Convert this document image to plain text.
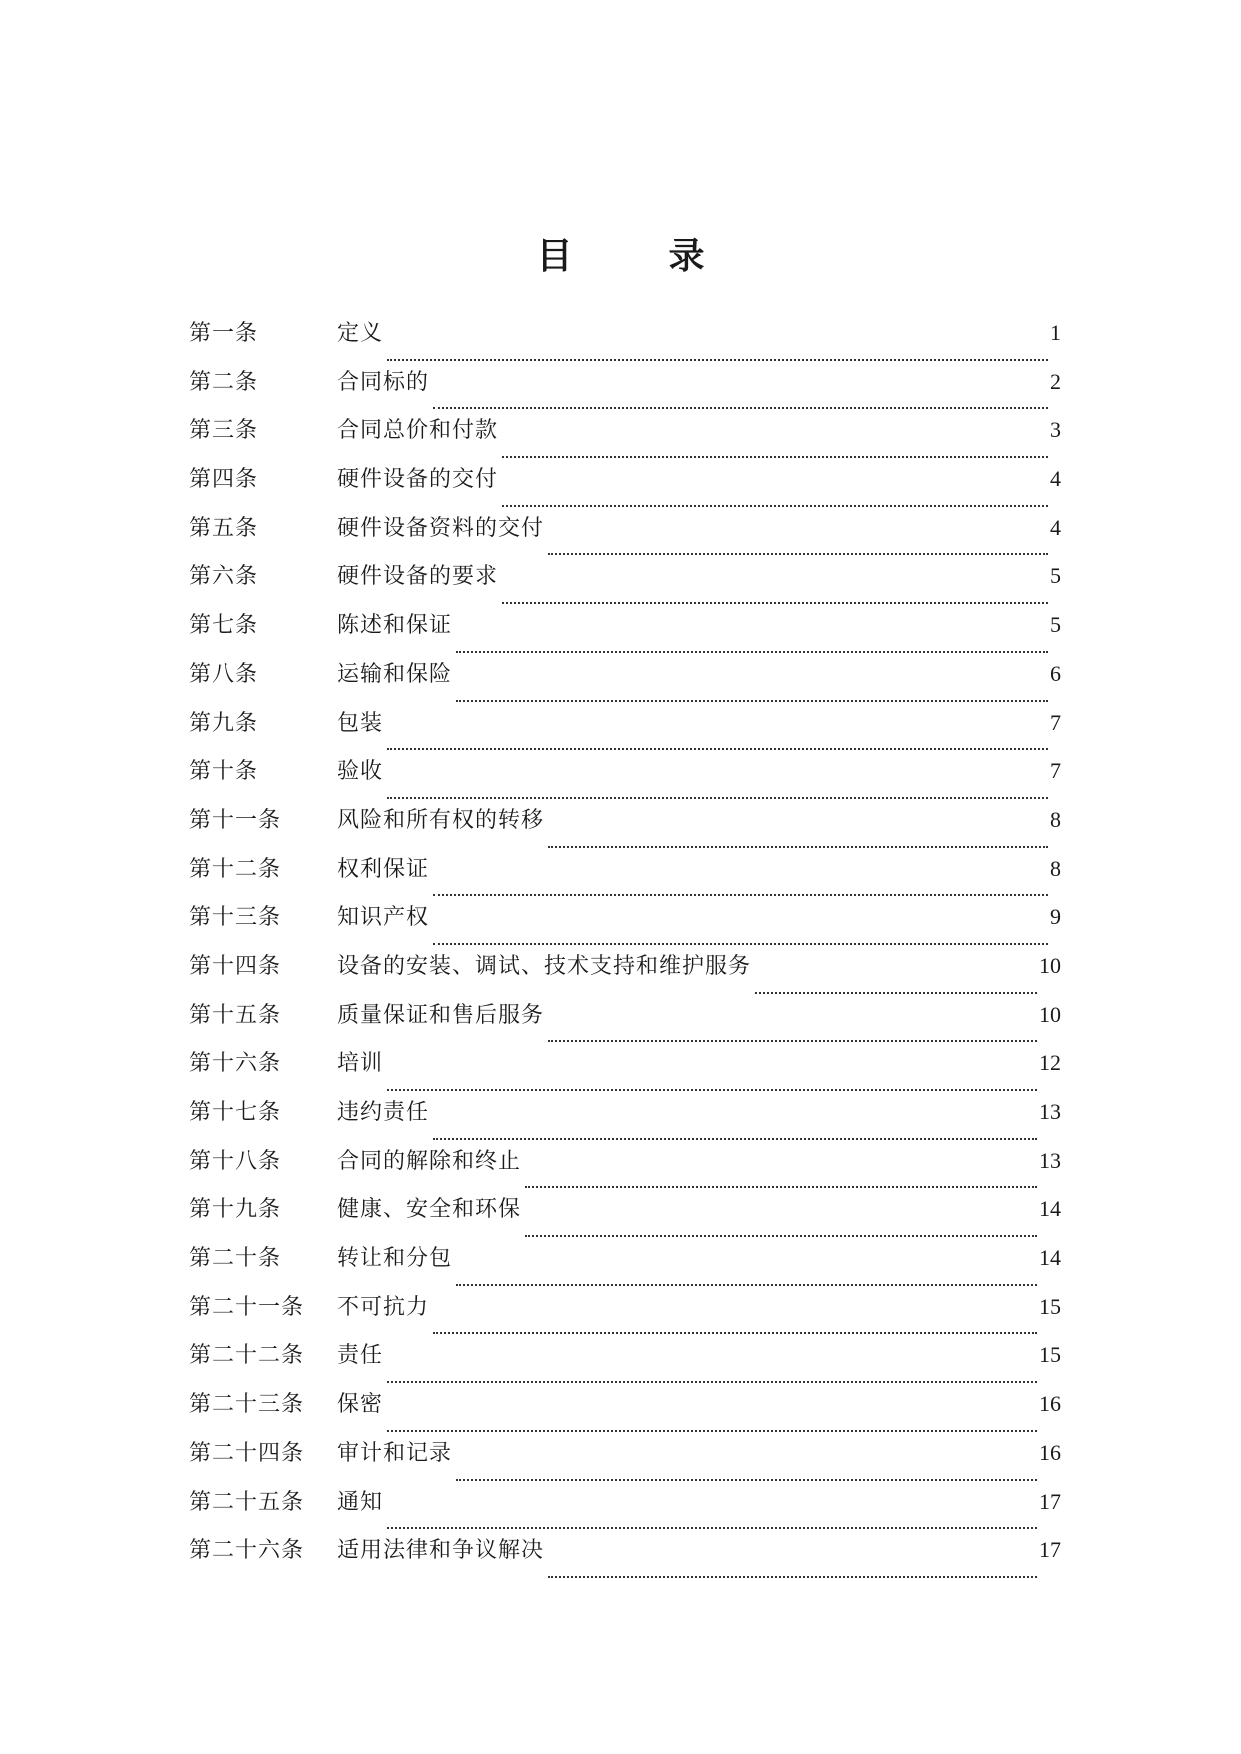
目　录
第一条	定义	1
第二条	合同标的	2
第三条	合同总价和付款	3
第四条	硬件设备的交付	4
第五条	硬件设备资料的交付	4
第六条	硬件设备的要求	5
第七条	陈述和保证	5
第八条	运输和保险	6
第九条	包装	7
第十条	验收	7
第十一条	风险和所有权的转移	8
第十二条	权利保证	8
第十三条	知识产权	9
第十四条	设备的安装、调试、技术支持和维护服务	10
第十五条	质量保证和售后服务	10
第十六条	培训	12
第十七条	违约责任	13
第十八条	合同的解除和终止	13
第十九条	健康、安全和环保	14
第二十条	转让和分包	14
第二十一条	不可抗力	15
第二十二条	责任	15
第二十三条	保密	16
第二十四条	审计和记录	16
第二十五条	通知	17
第二十六条	适用法律和争议解决	17
